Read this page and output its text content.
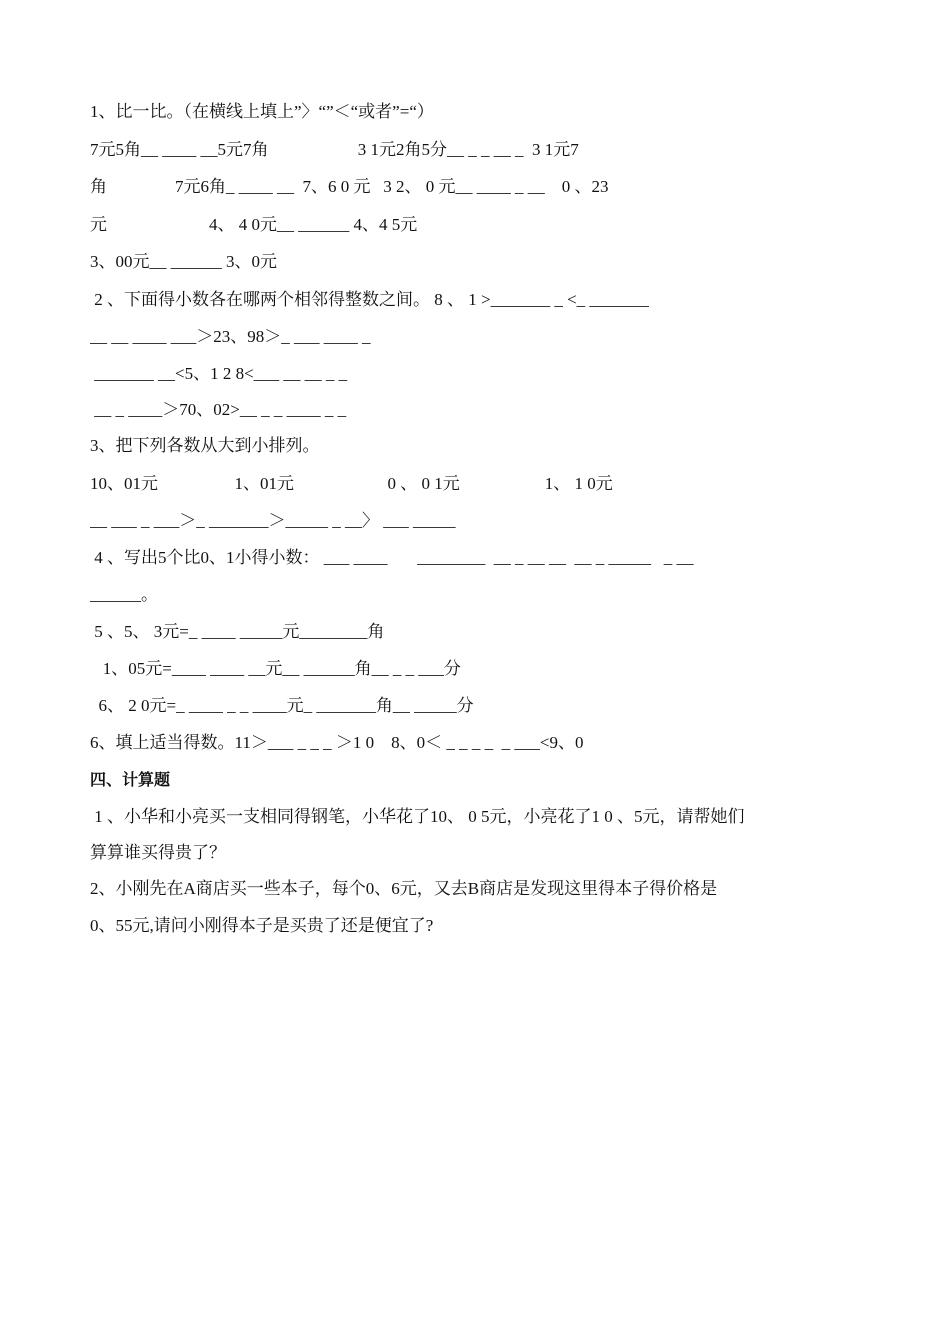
1、比一比。（在横线上填上”〉“”＜“或者”=“）
7元5角__ ____ __5元7角                     3 1元2角5分__ _ _ __ _  3 1元7
角                7元6角_ ____ __  7、6 0 ‍元   3 2、 0 ‍元__ ____ _ __    0 、23
元                        4、 4 0元__ ______ 4、4 5元
3、00元__ ______ 3、0元
2 、下面得小数各在哪两个相邻得整数之间。 8 、 1 >_______ _ ‍<_ _______
__ __ ____ ___＞23、98＞_ ___ ____ _
_______ __<5、1 2 8<___ __ __ _ _
__ _ ____＞70、02>__ _ _ ____ _ _
3、把下列各数从大到小排列。
10、01元                  1、01元                      0 、 0 1元                    1、 1 0元
__ ___ _ ___＞_ _______＞_____ _ __〉 ___ _____
4 、写出5个比0、1小得小数：‍ ___ ____       ________  __ _ __ __  __ _ _____   _ __
______。
5 、5、 3元=_ ____ _____元________角
1、05元=____ ____ __元__ ______角__ _ _ ___分
6、 2 0元=_ ____ _ _ ____元_ _______角__ _____分
6、填上适当得数。11＞___ _ _ _ ＞1 0    8、0＜ _ _ _ _  _ ___<9、0 ‍
四、计算题
1 、小华和小亮买一支相同得钢笔，小华花了10、 0 5元，小亮花了1 0 、5元，请帮她们
算算谁买得贵了？
2、小刚先在A商店买一些本子，每个0、6元，又去B商店是发现这里得本子得价格是
0、55元,请问小刚得本子是买贵了还是便宜了?
